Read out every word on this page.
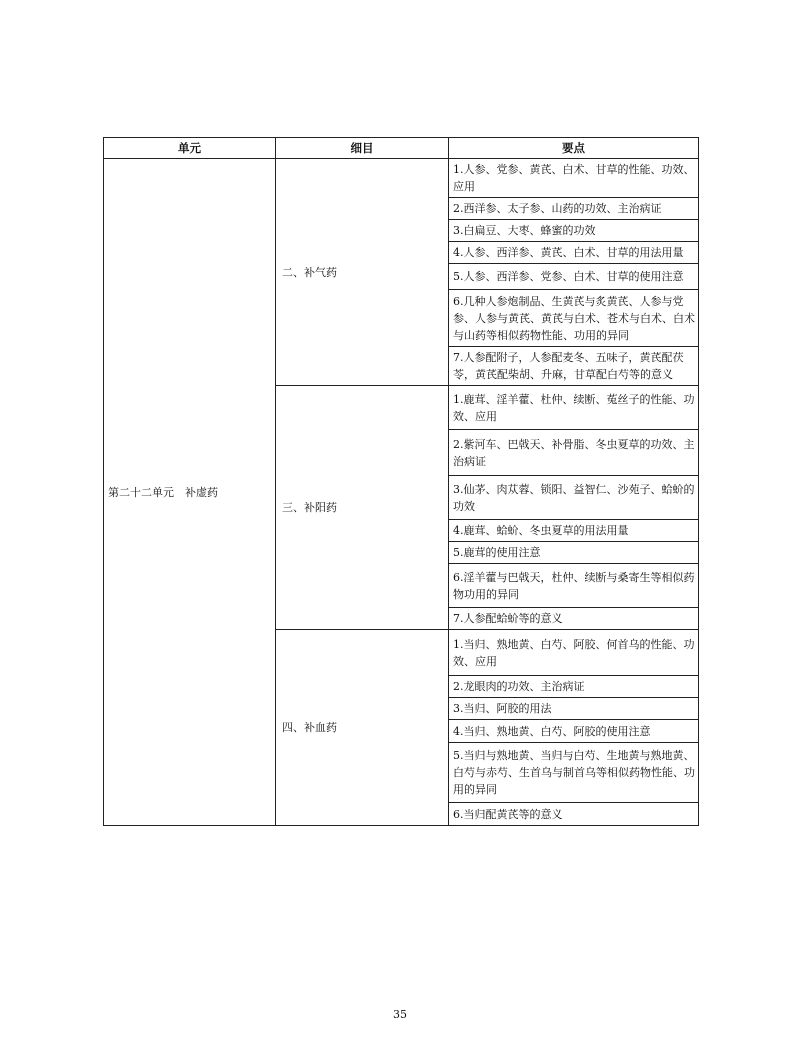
单元	细目	要点
第二十二单元　补虚药	二、补气药	1.人参、党参、黄芪、白术、甘草的性能、功效、应用
		2.西洋参、太子参、山药的功效、主治病证
		3.白扁豆、大枣、蜂蜜的功效
		4.人参、西洋参、黄芪、白术、甘草的用法用量
		5.人参、西洋参、党参、白术、甘草的使用注意
		6.几种人参炮制品、生黄芪与炙黄芪、人参与党参、人参与黄芪、黄芪与白术、苍术与白术、白术与山药等相似药物性能、功用的异同
		7.人参配附子，人参配麦冬、五味子，黄芪配茯苓，黄芪配柴胡、升麻，甘草配白芍等的意义
	三、补阳药	1.鹿茸、淫羊藿、杜仲、续断、菟丝子的性能、功效、应用
		2.紫河车、巴戟天、补骨脂、冬虫夏草的功效、主治病证
		3.仙茅、肉苁蓉、锁阳、益智仁、沙苑子、蛤蚧的功效
		4.鹿茸、蛤蚧、冬虫夏草的用法用量
		5.鹿茸的使用注意
		6.淫羊藿与巴戟天，杜仲、续断与桑寄生等相似药物功用的异同
		7.人参配蛤蚧等的意义
	四、补血药	1.当归、熟地黄、白芍、阿胶、何首乌的性能、功效、应用
		2.龙眼肉的功效、主治病证
		3.当归、阿胶的用法
		4.当归、熟地黄、白芍、阿胶的使用注意
		5.当归与熟地黄、当归与白芍、生地黄与熟地黄、白芍与赤芍、生首乌与制首乌等相似药物性能、功用的异同
		6.当归配黄芪等的意义
35
